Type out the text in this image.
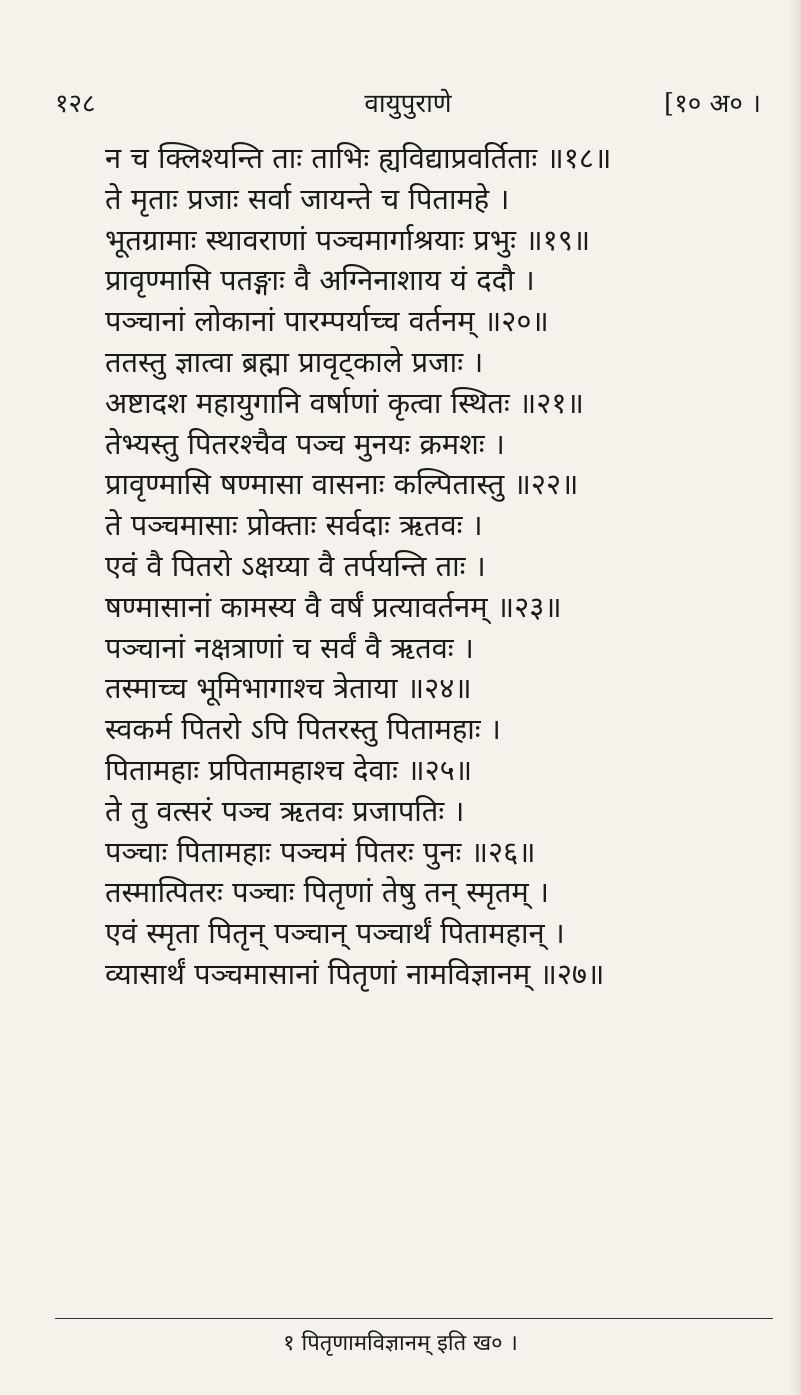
१२८	वायुपुराणे	[१० अ० ।
न च क्लिश्यन्ति ताः ताभिः ह्यविद्याप्रवर्तिताः ॥१८॥
ते मृताः प्रजाः सर्वा जायन्ते च पितामहे ।
भूतग्रामाः स्थावराणां पञ्चमार्गाश्रयाः प्रभुः ॥१९॥
प्रावृण्मासि पतङ्गाः वै अग्निनाशाय यं ददौ ।
पञ्चानां लोकानां पारम्पर्याच्च वर्तनम् ॥२०॥
ततस्तु ज्ञात्वा ब्रह्मा प्रावृट्काले प्रजाः ।
अष्टादश महायुगानि वर्षाणां कृत्वा स्थितः ॥२१॥
तेभ्यस्तु पितरश्चैव पञ्च मुनयः क्रमशः ।
प्रावृण्मासि षण्मासा वासनाः कल्पितास्तु ॥२२॥
ते पञ्चमासाः प्रोक्ताः सर्वदाः ऋतवः ।
एवं वै पितरो ऽक्षय्या वै तर्पयन्ति ताः ।
षण्मासानां कामस्य वै वर्षं प्रत्यावर्तनम् ॥२३॥
पञ्चानां नक्षत्राणां च सर्वं वै ऋतवः ।
तस्माच्च भूमिभागाश्च त्रेताया ॥२४॥
स्वकर्म पितरो ऽपि पितरस्तु पितामहाः ।
पितामहाः प्रपितामहाश्च देवाः ॥२५॥
ते तु वत्सरं पञ्च ऋतवः प्रजापतिः ।
पञ्चाः पितामहाः पञ्चमं पितरः पुनः ॥२६॥
तस्मात्पितरः पञ्चाः पितृणां तेषु तन् स्मृतम् ।
एवं स्मृता पितृन् पञ्चान् पञ्चार्थं पितामहान् ।
व्यासार्थं पञ्चमासानां पितृणां नामविज्ञानम् ॥२७॥
१ पितृणामविज्ञानम् इति ख० ।
